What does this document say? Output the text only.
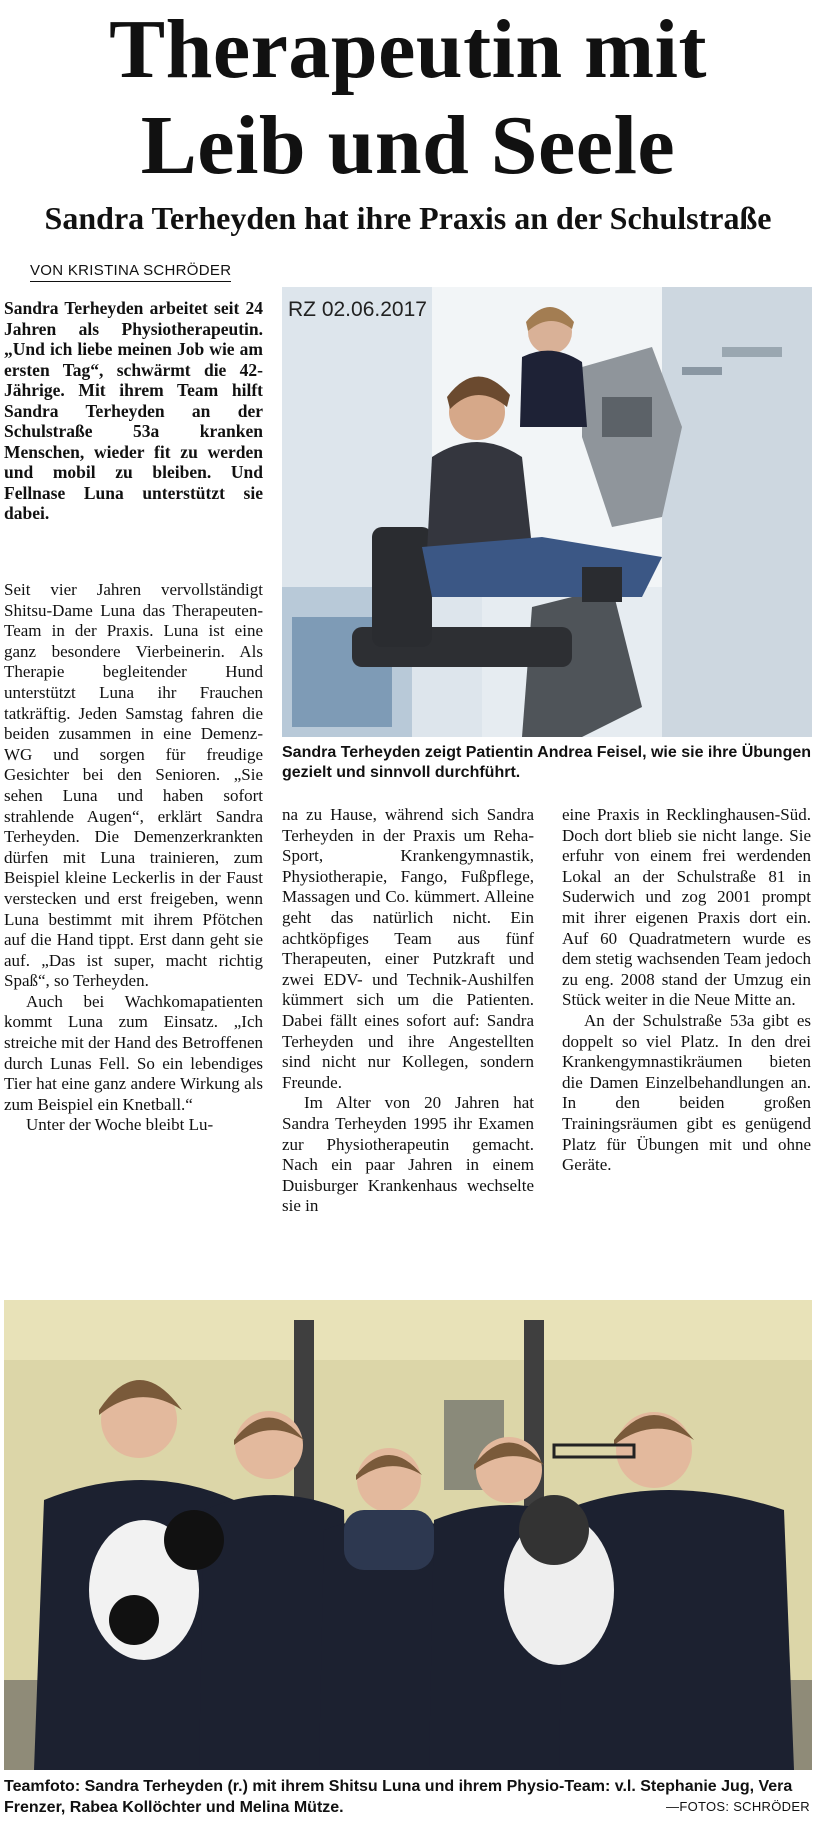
Therapeutin mit
Leib und Seele
Sandra Terheyden hat ihre Praxis an der Schulstraße
VON KRISTINA SCHRÖDER

Sandra Terheyden arbeitet seit 24 Jahren als Physiotherapeutin. „Und ich liebe meinen Job wie am ersten Tag“, schwärmt die 42-Jährige. Mit ihrem Team hilft Sandra Terheyden an der Schulstraße 53a kranken Menschen, wieder fit zu werden und mobil zu bleiben. Und Fellnase Luna unterstützt sie dabei.

Seit vier Jahren vervollständigt Shitsu-Dame Luna das Therapeuten-Team in der Praxis. Luna ist eine ganz besondere Vierbeinerin. Als Therapie begleitender Hund unterstützt Luna ihr Frauchen tatkräftig. Jeden Samstag fahren die beiden zusammen in eine Demenz-WG und sorgen für freudige Gesichter bei den Senioren. „Sie sehen Luna und haben sofort strahlende Augen“, erklärt Sandra Terheyden. Die Demenzerkrankten dürfen mit Luna trainieren, zum Beispiel kleine Leckerlis in der Faust verstecken und erst freigeben, wenn Luna bestimmt mit ihrem Pfötchen auf die Hand tippt. Erst dann geht sie auf. „Das ist super, macht richtig Spaß“, so Terheyden.

Auch bei Wachkomapatienten kommt Luna zum Einsatz. „Ich streiche mit der Hand des Betroffenen durch Lunas Fell. So ein lebendiges Tier hat eine ganz andere Wirkung als zum Beispiel ein Knetball.“

Unter der Woche bleibt Lu-

RZ 02.06.2017

Sandra Terheyden zeigt Patientin Andrea Feisel, wie sie ihre Übungen gezielt und sinnvoll durchführt.

na zu Hause, während sich Sandra Terheyden in der Praxis um Reha-Sport, Krankengymnastik, Physiotherapie, Fango, Fußpflege, Massagen und Co. kümmert. Alleine geht das natürlich nicht. Ein achtköpfiges Team aus fünf Therapeuten, einer Putzkraft und zwei EDV- und Technik-Aushilfen kümmert sich um die Patienten. Dabei fällt eines sofort auf: Sandra Terheyden und ihre Angestellten sind nicht nur Kollegen, sondern Freunde.

Im Alter von 20 Jahren hat Sandra Terheyden 1995 ihr Examen zur Physiotherapeutin gemacht. Nach ein paar Jahren in einem Duisburger Krankenhaus wechselte sie in

eine Praxis in Recklinghausen-Süd. Doch dort blieb sie nicht lange. Sie erfuhr von einem frei werdenden Lokal an der Schulstraße 81 in Suderwich und zog 2001 prompt mit ihrer eigenen Praxis dort ein. Auf 60 Quadratmetern wurde es dem stetig wachsenden Team jedoch zu eng. 2008 stand der Umzug ein Stück weiter in die Neue Mitte an.

An der Schulstraße 53a gibt es doppelt so viel Platz. In den drei Krankengymnastikräumen bieten die Damen Einzelbehandlungen an. In den beiden großen Trainingsräumen gibt es genügend Platz für Übungen mit und ohne Geräte.

Teamfoto: Sandra Terheyden (r.) mit ihrem Shitsu Luna und ihrem Physio-Team: v.l. Stephanie Jug, Vera Frenzer, Rabea Kollöchter und Melina Mütze.	—FOTOS: SCHRÖDER
